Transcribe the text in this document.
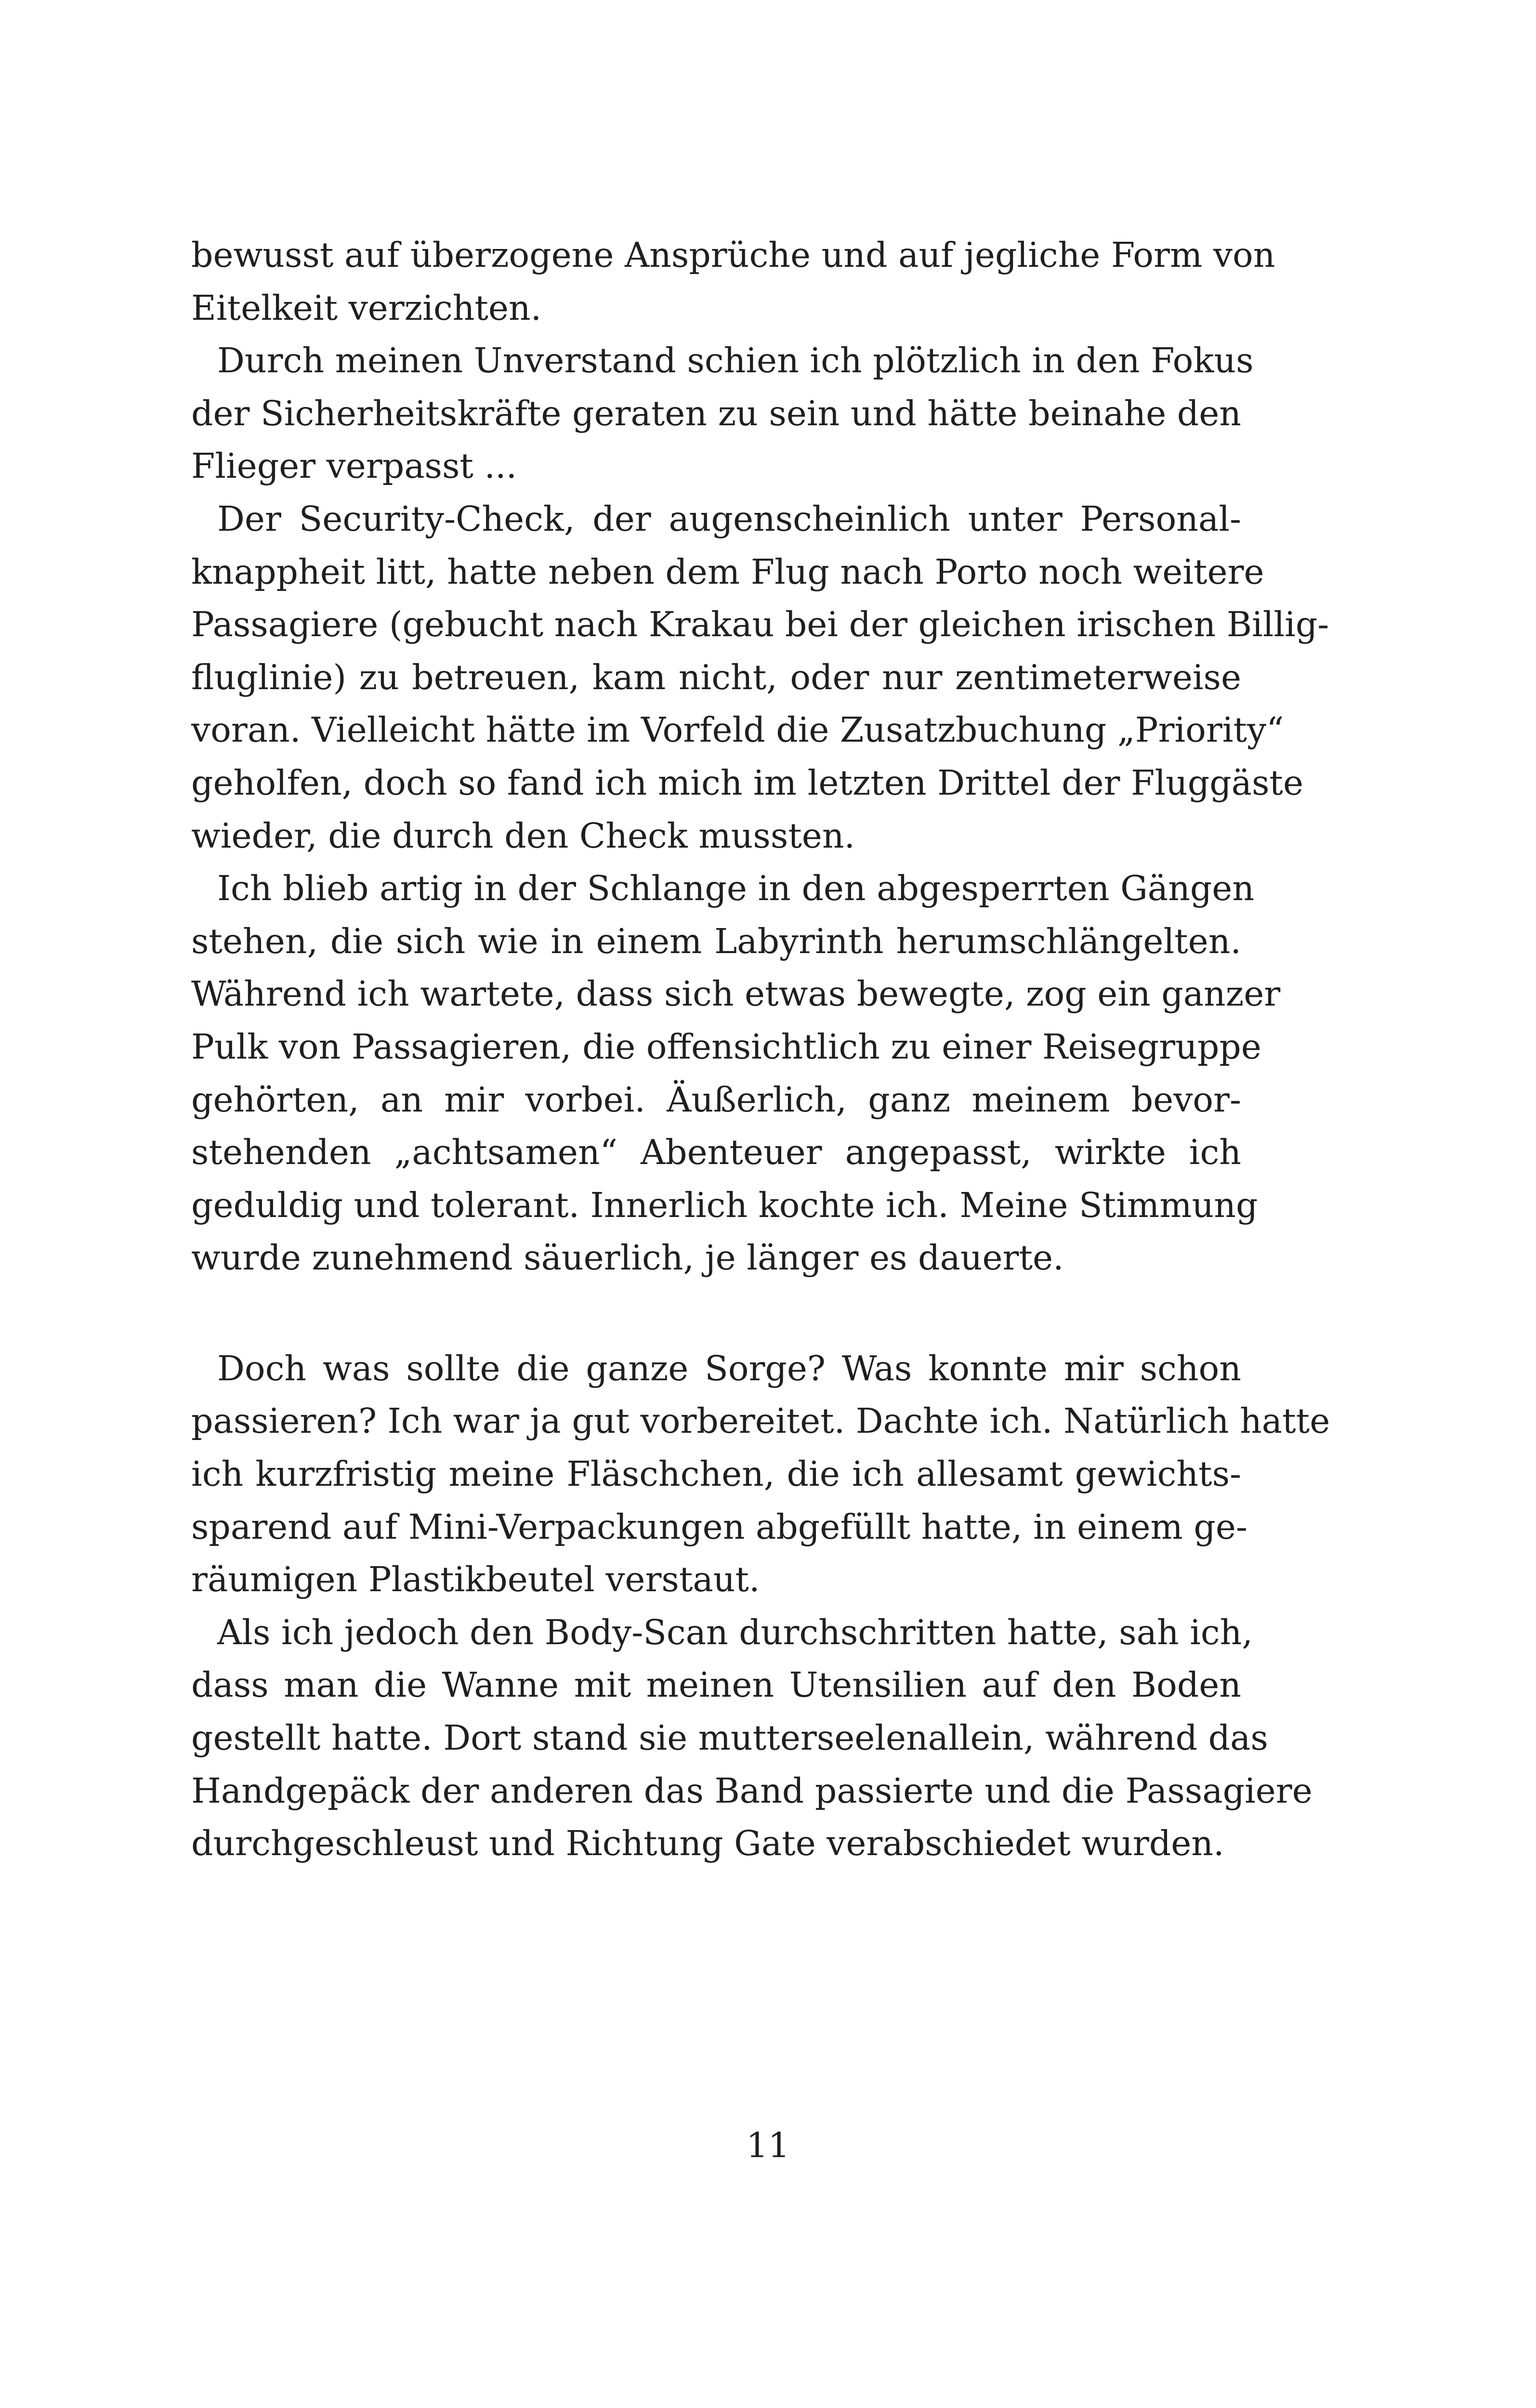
bewusst auf überzogene Ansprüche und auf jegliche Form von
Eitelkeit verzichten.
Durch meinen Unverstand schien ich plötzlich in den Fokus
der Sicherheitskräfte geraten zu sein und hätte beinahe den
Flieger verpasst ...
Der Security-Check, der augenscheinlich unter Personal-
knappheit litt, hatte neben dem Flug nach Porto noch weitere
Passagiere (gebucht nach Krakau bei der gleichen irischen Billig-
fluglinie) zu betreuen, kam nicht, oder nur zentimeterweise
voran. Vielleicht hätte im Vorfeld die Zusatzbuchung „Priority“
geholfen, doch so fand ich mich im letzten Drittel der Fluggäste
wieder, die durch den Check mussten.
Ich blieb artig in der Schlange in den abgesperrten Gängen
stehen, die sich wie in einem Labyrinth herumschlängelten.
Während ich wartete, dass sich etwas bewegte, zog ein ganzer
Pulk von Passagieren, die offensichtlich zu einer Reisegruppe
gehörten, an mir vorbei. Äußerlich, ganz meinem bevor-
stehenden „achtsamen“ Abenteuer angepasst, wirkte ich
geduldig und tolerant. Innerlich kochte ich. Meine Stimmung
wurde zunehmend säuerlich, je länger es dauerte.
Doch was sollte die ganze Sorge? Was konnte mir schon
passieren? Ich war ja gut vorbereitet. Dachte ich. Natürlich hatte
ich kurzfristig meine Fläschchen, die ich allesamt gewichts-
sparend auf Mini-Verpackungen abgefüllt hatte, in einem ge-
räumigen Plastikbeutel verstaut.
Als ich jedoch den Body-Scan durchschritten hatte, sah ich,
dass man die Wanne mit meinen Utensilien auf den Boden
gestellt hatte. Dort stand sie mutterseelenallein, während das
Handgepäck der anderen das Band passierte und die Passagiere
durchgeschleust und Richtung Gate verabschiedet wurden.
11
